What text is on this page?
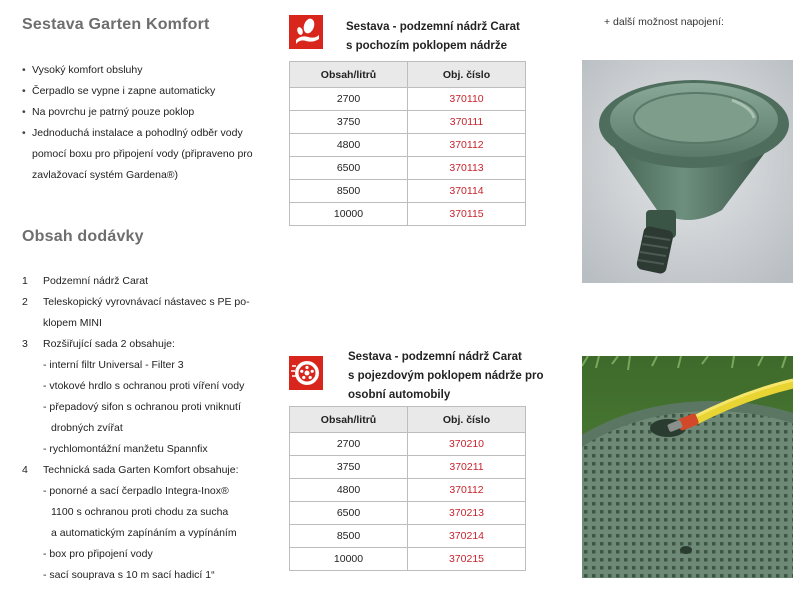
Sestava Garten Komfort
• Vysoký komfort obsluhy
• Čerpadlo se vypne i zapne automaticky
• Na povrchu je patrný pouze poklop
• Jednoduchá instalace a pohodlný odběr vody pomocí boxu pro připojení vody (připraveno pro zavlažovací systém Gardena®)
Obsah dodávky
1 Podzemní nádrž Carat
2 Teleskopický vyrovnávací nástavec s PE po-
klopem MINI
3 Rozšiřující sada 2 obsahuje:
- interní filtr Universal - Filter 3
- vtokové hrdlo s ochranou proti víření vody
- přepadový sifon s ochranou proti vniknutí
drobných zvířat
- rychlomontážní manžetu Spannfix
4 Technická sada Garten Komfort obsahuje:
- ponorné a sací čerpadlo Integra-Inox®
1100 s ochranou proti chodu za sucha
a automatickým zapínáním a vypínáním
- box pro připojení vody
- sací souprava s 10 m sací hadicí 1“
Sestava - podzemní nádrž Carat
s pochozím poklopem nádrže
Obsah/litrů	Obj. číslo
2700	370110
3750	370111
4800	370112
6500	370113
8500	370114
10000	370115
Sestava - podzemní nádrž Carat
s pojezdovým poklopem nádrže pro
osobní automobily
Obsah/litrů	Obj. číslo
2700	370210
3750	370211
4800	370112
6500	370213
8500	370214
10000	370215
+ další možnost napojení:
